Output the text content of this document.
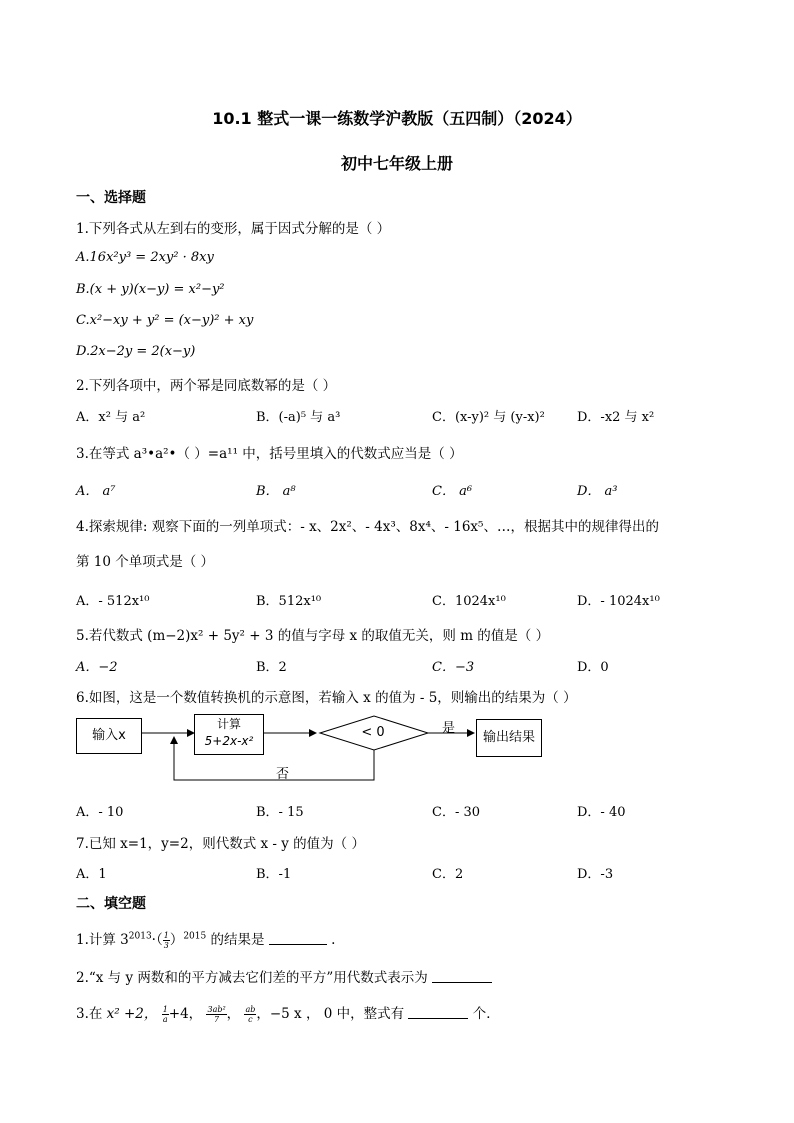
10.1 整式一课一练数学沪教版（五四制）（2024）
初中七年级上册
一、选择题
1.下列各式从左到右的变形，属于因式分解的是（ ）
A.16x²y³ = 2xy² · 8xy
B.(x + y)(x−y) = x²−y²
C.x²−xy + y² = (x−y)² + xy
D.2x−2y = 2(x−y)
2.下列各项中，两个幂是同底数幂的是（ ）
A．x² 与 a²	B．(-a)⁵ 与 a³	C．(x-y)² 与 (y-x)² D．-x2 与 x²
3.在等式 a³•a²•（ ）=a¹¹ 中，括号里填入的代数式应当是（ ）
A． a⁷	B． a⁸	C． a⁶	D． a³
4.探索规律: 观察下面的一列单项式：- x、2x²、- 4x³、8x⁴、- 16x⁵、…，根据其中的规律得出的
第 10 个单项式是（ ）
A．- 512x¹⁰	B．512x¹⁰	C．1024x¹⁰	D．- 1024x¹⁰
5.若代数式 (m−2)x² + 5y² + 3 的值与字母 x 的取值无关，则 m 的值是（ ）
A．−2	B．2	C．−3	D．0
6.如图，这是一个数值转换机的示意图，若输入 x 的值为 - 5，则输出的结果为（ ）
输入x
计算
5+2x-x²
< 0	是
输出结果
否
A．- 10	B．- 15	C．- 30	D．- 40
7.已知 x=1，y=2，则代数式 x - y 的值为（ ）
A．1	B．-1	C．2	D．-3
二、填空题
1.计算 $3^{2013}\cdot( \frac{1}{3} )^{2015}$ 的结果是	.
2.“x 与 y 两数和的平方减去它们差的平方”用代数式表示为
3.在 x² +2， $\frac{1}{a} +4$， $\frac{\text{3ab²}}{7}$ ， $\frac{ab}{c}$ ，−5 x ， 0 中，整式有	个．
